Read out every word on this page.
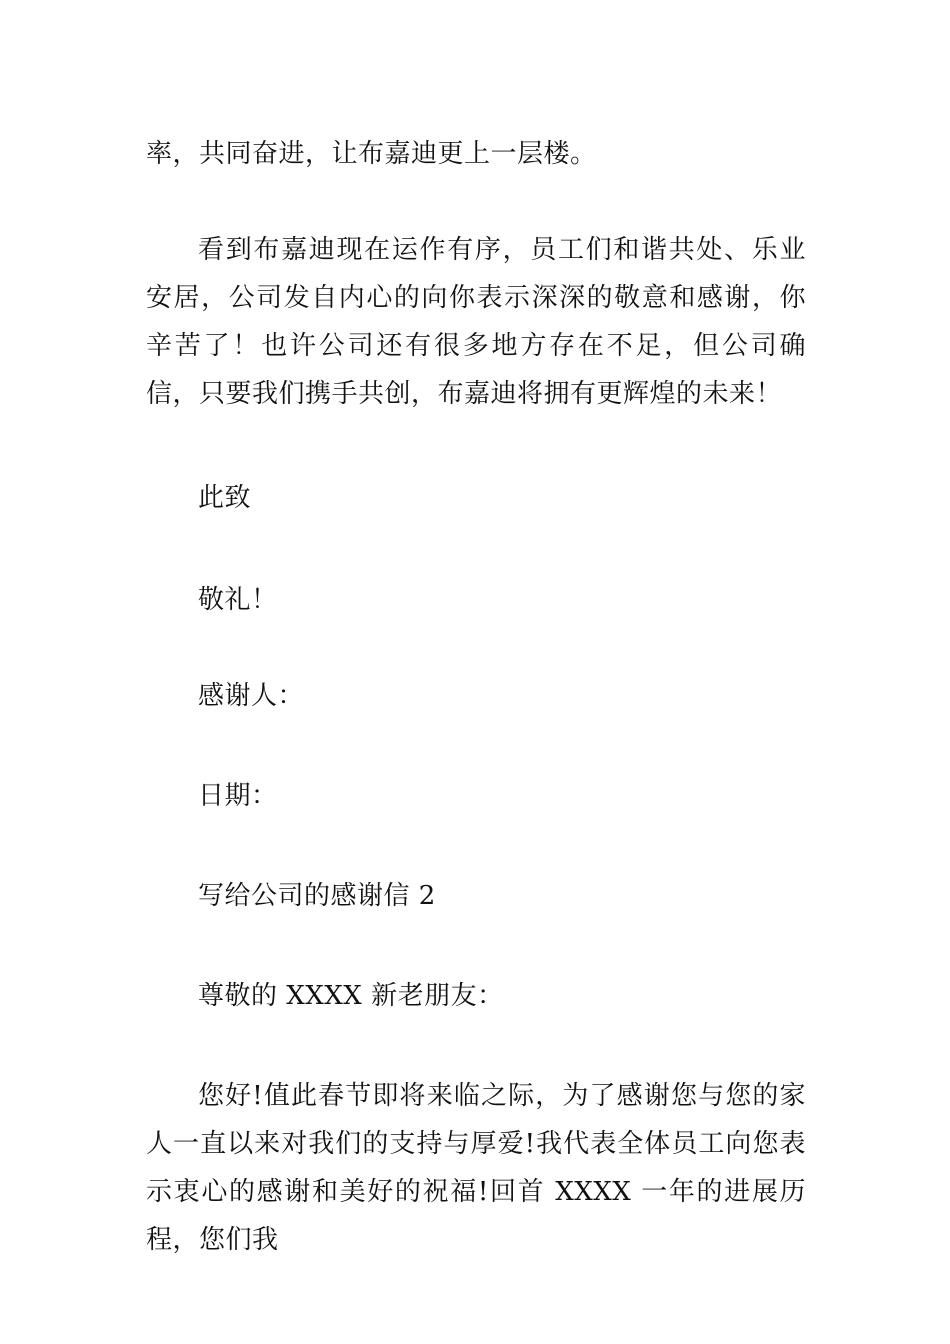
率，共同奋进，让布嘉迪更上一层楼。

看到布嘉迪现在运作有序，员工们和谐共处、乐业安居，公司发自内心的向你表示深深的敬意和感谢，你辛苦了！也许公司还有很多地方存在不足，但公司确信，只要我们携手共创，布嘉迪将拥有更辉煌的未来！

此致

敬礼！

感谢人：

日期：

写给公司的感谢信 2

尊敬的 XXXX 新老朋友：

您好!值此春节即将来临之际，为了感谢您与您的家人一直以来对我们的支持与厚爱!我代表全体员工向您表示衷心的感谢和美好的祝福!回首 XXXX 一年的进展历程，您们我
